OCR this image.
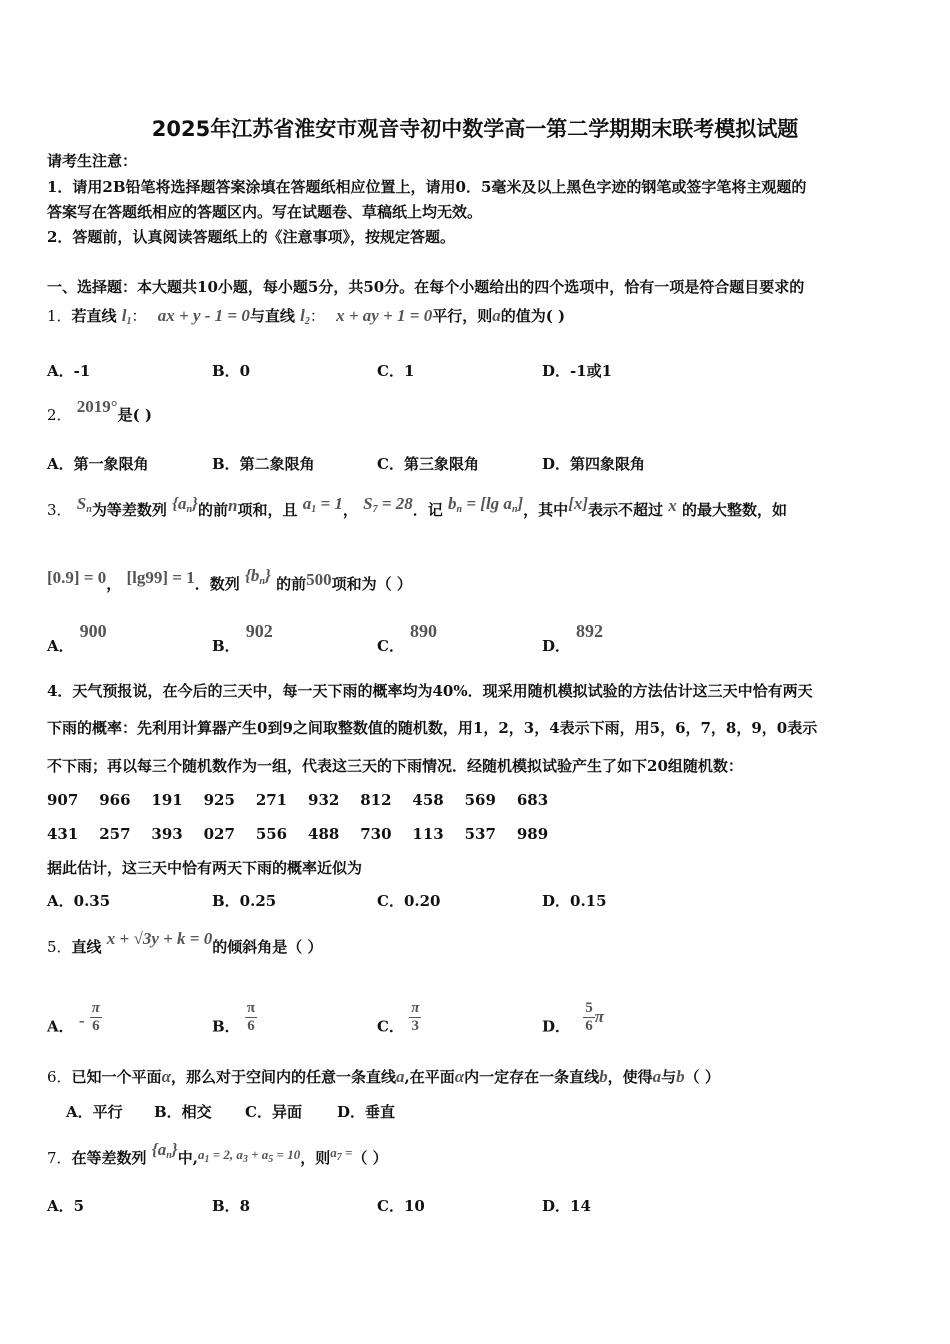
2025年江苏省淮安市观音寺初中数学高一第二学期期末联考模拟试题
请考生注意：
1．请用2B铅笔将选择题答案涂填在答题纸相应位置上，请用0．5毫米及以上黑色字迹的钢笔或签字笔将主观题的
答案写在答题纸相应的答题区内。写在试题卷、草稿纸上均无效。
2．答题前，认真阅读答题纸上的《注意事项》，按规定答题。
一、选择题：本大题共10小题，每小题5分，共50分。在每个小题给出的四个选项中，恰有一项是符合题目要求的
1．若直线 $l_1$： ax + y - 1 = 0与直线 $l_2$： x + ay + 1 = 0平行，则a的值为( )
A．-1	B．0	C．1	D．-1或1
2． 2019°是( )
A．第一象限角	B．第二象限角	C．第三象限角	D．第四象限角
3． $S_n$为等差数列 $\{a_n\}$的前n项和，且 $a_1 = 1$， $S_7 = 28$．记 $b_n = [\lg$ $a_n$]，其中[x]表示不超过 x 的最大整数，如
[0.9] = 0， [lg99] = 1．数列 $\{b_n\}$ 的前500项和为（ ）
A．900
B．902
C．890
D．892
4．天气预报说，在今后的三天中，每一天下雨的概率均为40%．现采用随机模拟试验的方法估计这三天中恰有两天
下雨的概率：先利用计算器产生0到9之间取整数值的随机数，用1，2，3，4表示下雨，用5，6，7，8，9，0表示
不下雨；再以每三个随机数作为一组，代表这三天的下雨情况．经随机模拟试验产生了如下20组随机数：
907 966 191 925 271 932 812 458 569 683
431 257 393 027 556 488 730 113 537 989
据此估计，这三天中恰有两天下雨的概率近似为
A．0.35	B．0.25	C．0.20	D．0.15
5．直线 x + √3y + k = 0的倾斜角是（ ）
A． - $\frac{\pi}{6}$	B． $\frac{\pi}{6}$	C． $\frac{\pi}{3}$	D． $\frac{5}{6}$ π
6．已知一个平面α，那么对于空间内的任意一条直线a,在平面α内一定存在一条直线b，使得a与b（ ）
A．平行 B．相交 C．异面 D．垂直
7．在等差数列 $\{a_n\}$中$,a_1 = 2$, $a_3 + a_5 = 10$，则$a_7$ =（ ）
A．5	B．8	C．10	D．14
